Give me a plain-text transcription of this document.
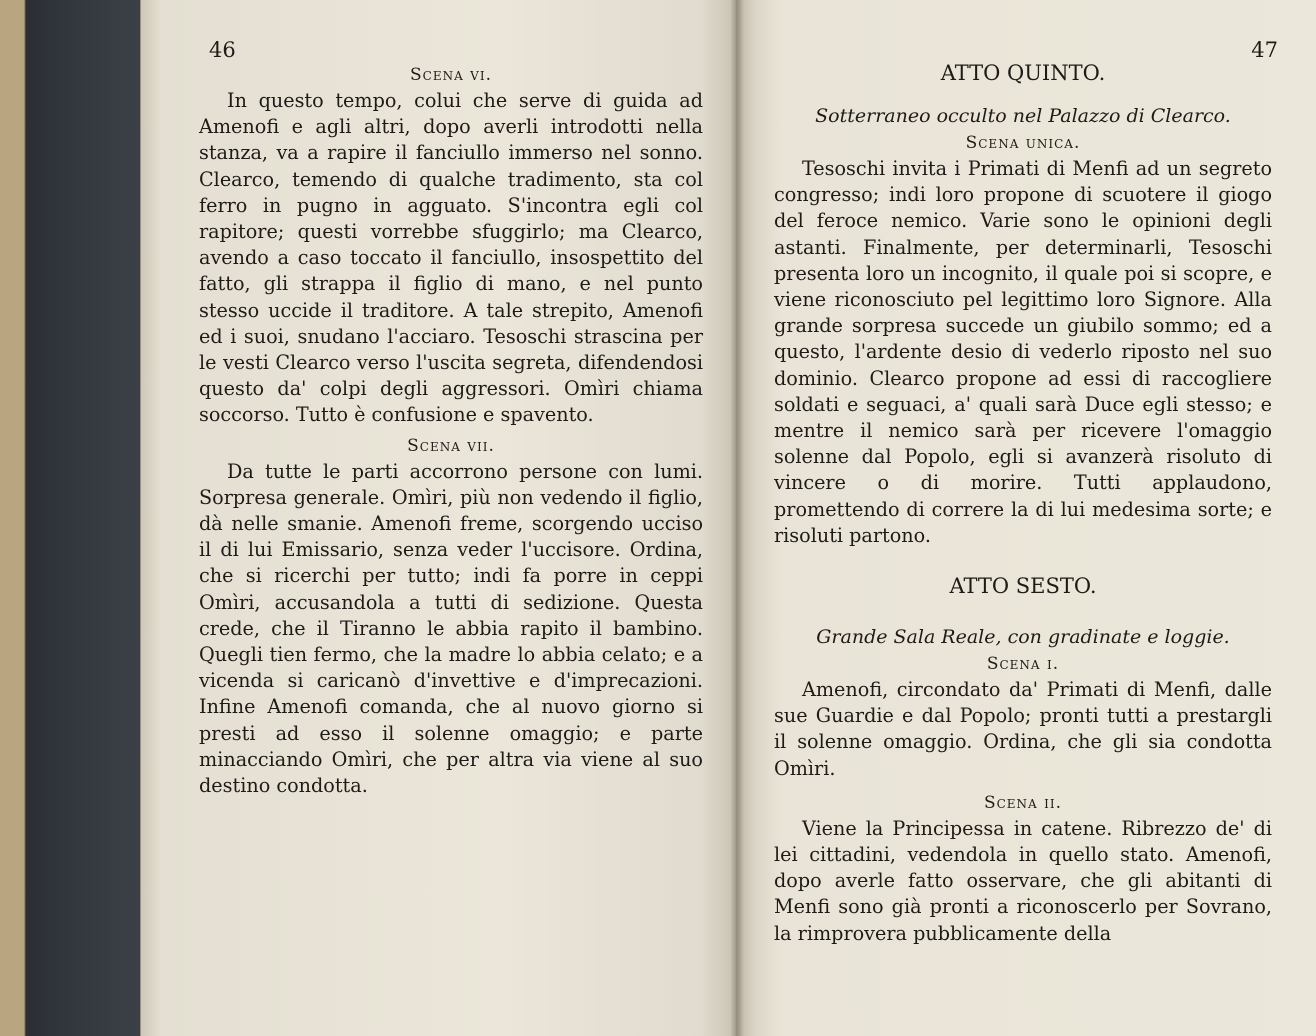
46

Scena vi.

In questo tempo, colui che serve di guida ad Amenofi e agli altri, dopo averli introdotti nella stanza, va a rapire il fanciullo immerso nel sonno. Clearco, temendo di qualche tradimento, sta col ferro in pugno in agguato. S'incontra egli col rapitore; questi vorrebbe sfuggirlo; ma Clearco, avendo a caso toccato il fanciullo, insospettito del fatto, gli strappa il figlio di mano, e nel punto stesso uccide il traditore. A tale strepito, Amenofi ed i suoi, snudano l'acciaro. Tesoschi strascina per le vesti Clearco verso l'uscita segreta, difendendosi questo da' colpi degli aggressori. Omìri chiama soccorso. Tutto è confusione e spavento.

Scena vii.

Da tutte le parti accorrono persone con lumi. Sorpresa generale. Omìri, più non vedendo il figlio, dà nelle smanie. Amenofi freme, scorgendo ucciso il di lui Emissario, senza veder l'uccisore. Ordina, che si ricerchi per tutto; indi fa porre in ceppi Omìri, accusandola a tutti di sedizione. Questa crede, che il Tiranno le abbia rapito il bambino. Quegli tien fermo, che la madre lo abbia celato; e a vicenda si caricanò d'invettive e d'imprecazioni. Infine Amenofi comanda, che al nuovo giorno si presti ad esso il solenne omaggio; e parte minacciando Omìri, che per altra via viene al suo destino condotta.

47

ATTO QUINTO.

Sotterraneo occulto nel Palazzo di Clearco.

Scena unica.

Tesoschi invita i Primati di Menfi ad un segreto congresso; indi loro propone di scuotere il giogo del feroce nemico. Varie sono le opinioni degli astanti. Finalmente, per determinarli, Tesoschi presenta loro un incognito, il quale poi si scopre, e viene riconosciuto pel legittimo loro Signore. Alla grande sorpresa succede un giubilo sommo; ed a questo, l'ardente desio di vederlo riposto nel suo dominio. Clearco propone ad essi di raccogliere soldati e seguaci, a' quali sarà Duce egli stesso; e mentre il nemico sarà per ricevere l'omaggio solenne dal Popolo, egli si avanzerà risoluto di vincere o di morire. Tutti applaudono, promettendo di correre la di lui medesima sorte; e risoluti partono.

ATTO SESTO.

Grande Sala Reale, con gradinate e loggie.

Scena i.

Amenofi, circondato da' Primati di Menfi, dalle sue Guardie e dal Popolo; pronti tutti a prestargli il solenne omaggio. Ordina, che gli sia condotta Omìri.

Scena ii.

Viene la Principessa in catene. Ribrezzo de' di lei cittadini, vedendola in quello stato. Amenofi, dopo averle fatto osservare, che gli abitanti di Menfi sono già pronti a riconoscerlo per Sovrano, la rimprovera pubblicamente della
